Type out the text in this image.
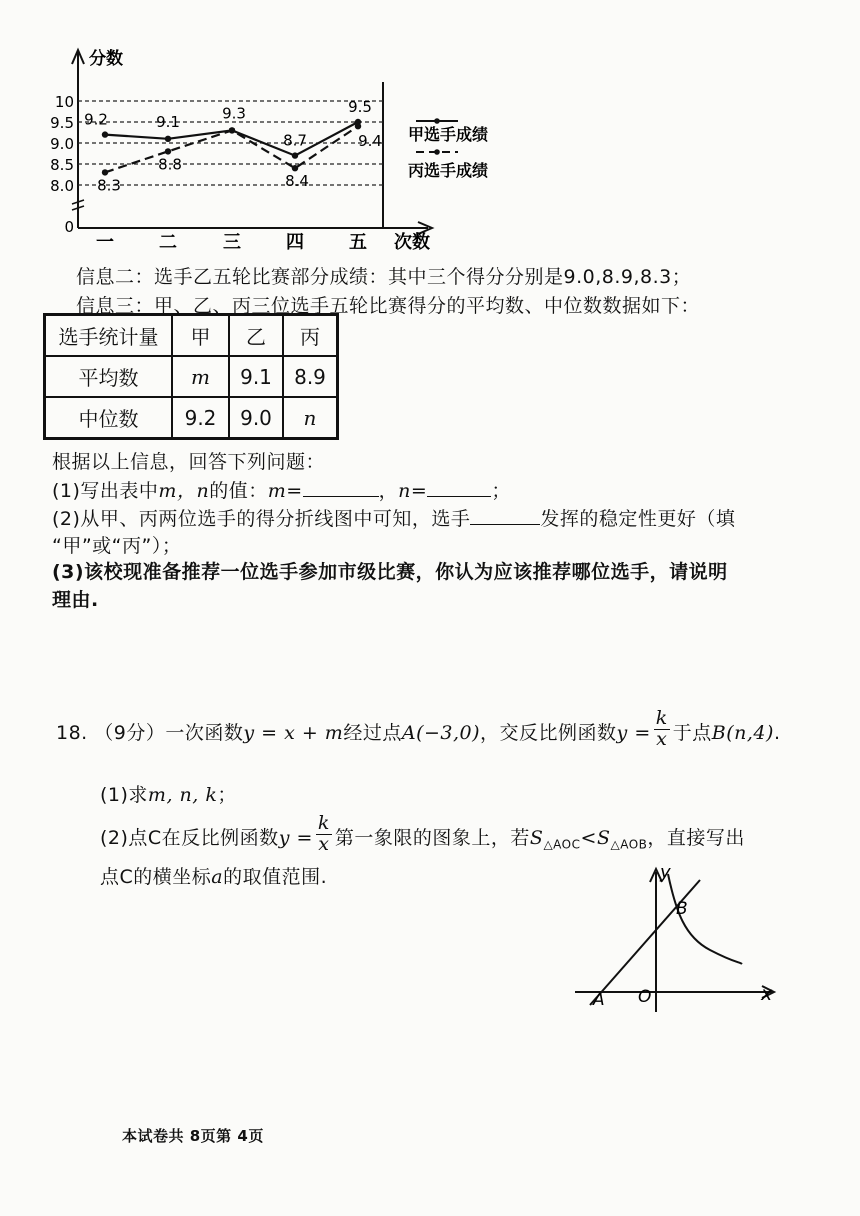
分数
10
9.5
9.0
8.5
8.0
0
一	二	三	四	五 次数
9.2	9.1	9.3
8.7
9.5
8.3
8.8
8.4
9.4 甲选手成绩
丙选手成绩
信息二：选手乙五轮比赛部分成绩：其中三个得分分别是9.0,8.9,8.3；
信息三：甲、乙、丙三位选手五轮比赛得分的平均数、中位数数据如下：
选手统计量	甲	乙	丙
平均数	m	9.1	8.9
中位数	9.2	9.0	n
根据以上信息，回答下列问题：
(1)写出表中m，n的值：m=	，n=	；
(2)从甲、丙两位选手的得分折线图中可知，选手	发挥的稳定性更好（填
“甲”或“丙”）；
(3)该校现准备推荐一位选手参加市级比赛，你认为应该推荐哪位选手，请说明
理由.
18. （9分）一次函数y = x + m经过点A(−3,0)，交反比例函数$y = \frac{k}{x}$ 于点B(n,4).
(1)求m, n, k；
(2)点C在反比例函数$y = \frac{k}{x}$ 第一象限的图象上，若$S_{\triangle AOC}<S_{\triangle AOB}$，直接写出
点C的横坐标a的取值范围.	y
x
A O
B
本试卷共 8页第 4页
